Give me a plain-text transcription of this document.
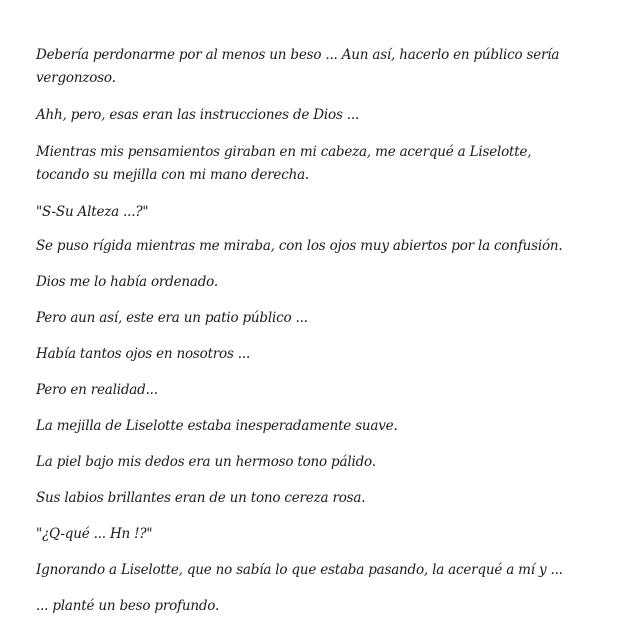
Debería perdonarme por al menos un beso ... Aun así, hacerlo en público sería vergonzoso.

Ahh, pero, esas eran las instrucciones de Dios ...

Mientras mis pensamientos giraban en mi cabeza, me acerqué a Liselotte, tocando su mejilla con mi mano derecha.

"S-Su Alteza ...?"

Se puso rígida mientras me miraba, con los ojos muy abiertos por la confusión.

Dios me lo había ordenado.

Pero aun así, este era un patio público ...

Había tantos ojos en nosotros ...

Pero en realidad...

La mejilla de Liselotte estaba inesperadamente suave.

La piel bajo mis dedos era un hermoso tono pálido.

Sus labios brillantes eran de un tono cereza rosa.

"¿Q-qué ... Hn !?"

Ignorando a Liselotte, que no sabía lo que estaba pasando, la acerqué a mí y ...

... planté un beso profundo.
